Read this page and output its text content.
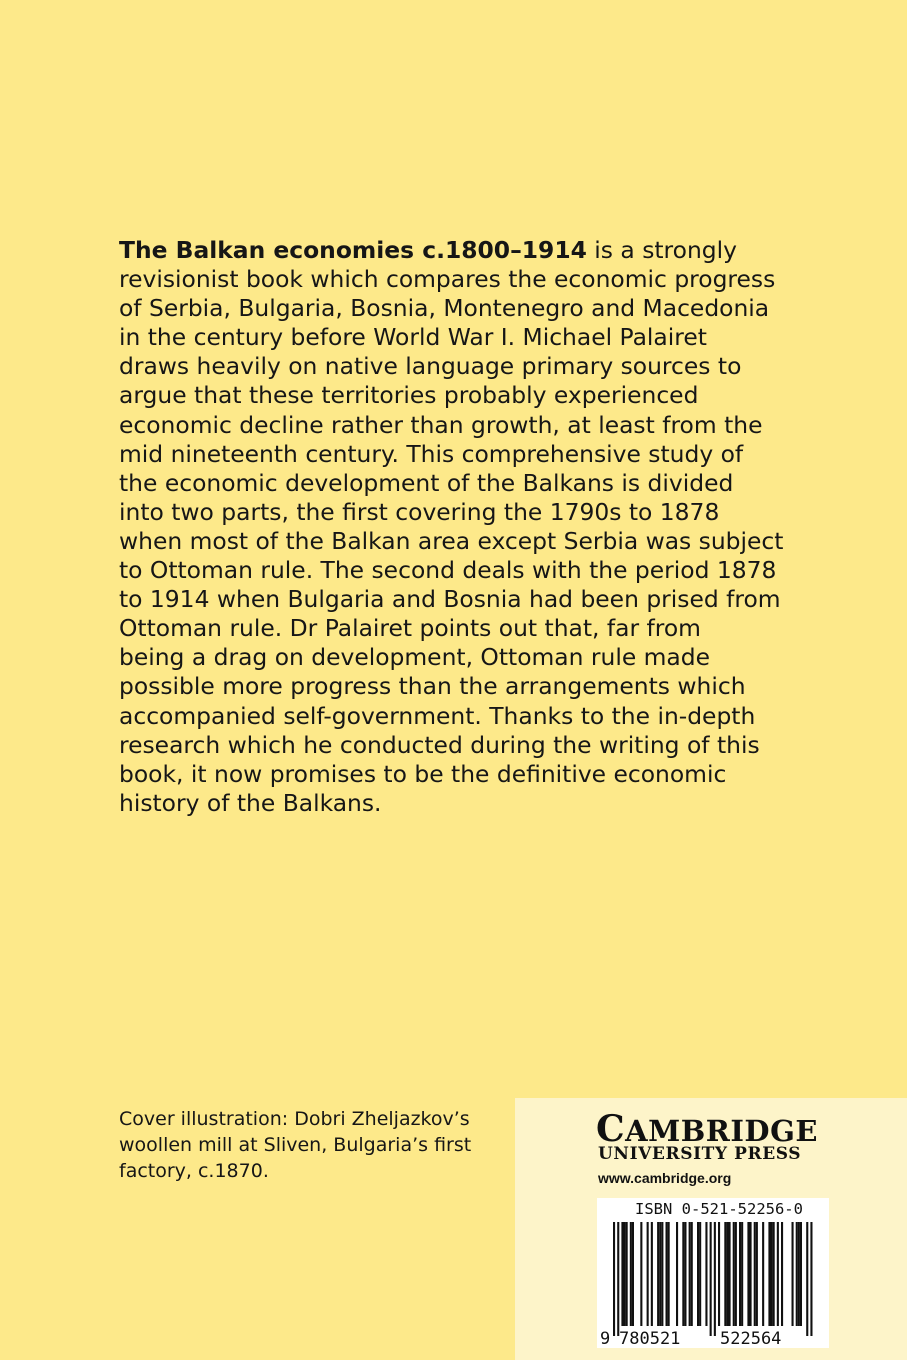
The Balkan economies c.1800–1914 is a strongly
revisionist book which compares the economic progress
of Serbia, Bulgaria, Bosnia, Montenegro and Macedonia
in the century before World War I. Michael Palairet
draws heavily on native language primary sources to
argue that these territories probably experienced
economic decline rather than growth, at least from the
mid nineteenth century. This comprehensive study of
the economic development of the Balkans is divided
into two parts, the first covering the 1790s to 1878
when most of the Balkan area except Serbia was subject
to Ottoman rule. The second deals with the period 1878
to 1914 when Bulgaria and Bosnia had been prised from
Ottoman rule. Dr Palairet points out that, far from
being a drag on development, Ottoman rule made
possible more progress than the arrangements which
accompanied self-government. Thanks to the in-depth
research which he conducted during the writing of this
book, it now promises to be the definitive economic
history of the Balkans.
Cover illustration: Dobri Zheljazkov’s
woollen mill at Sliven, Bulgaria’s first
factory, c.1870.
CAMBRIDGE
UNIVERSITY PRESS
www.cambridge.org
ISBN 0-521-52256-0
9 780521 522564
